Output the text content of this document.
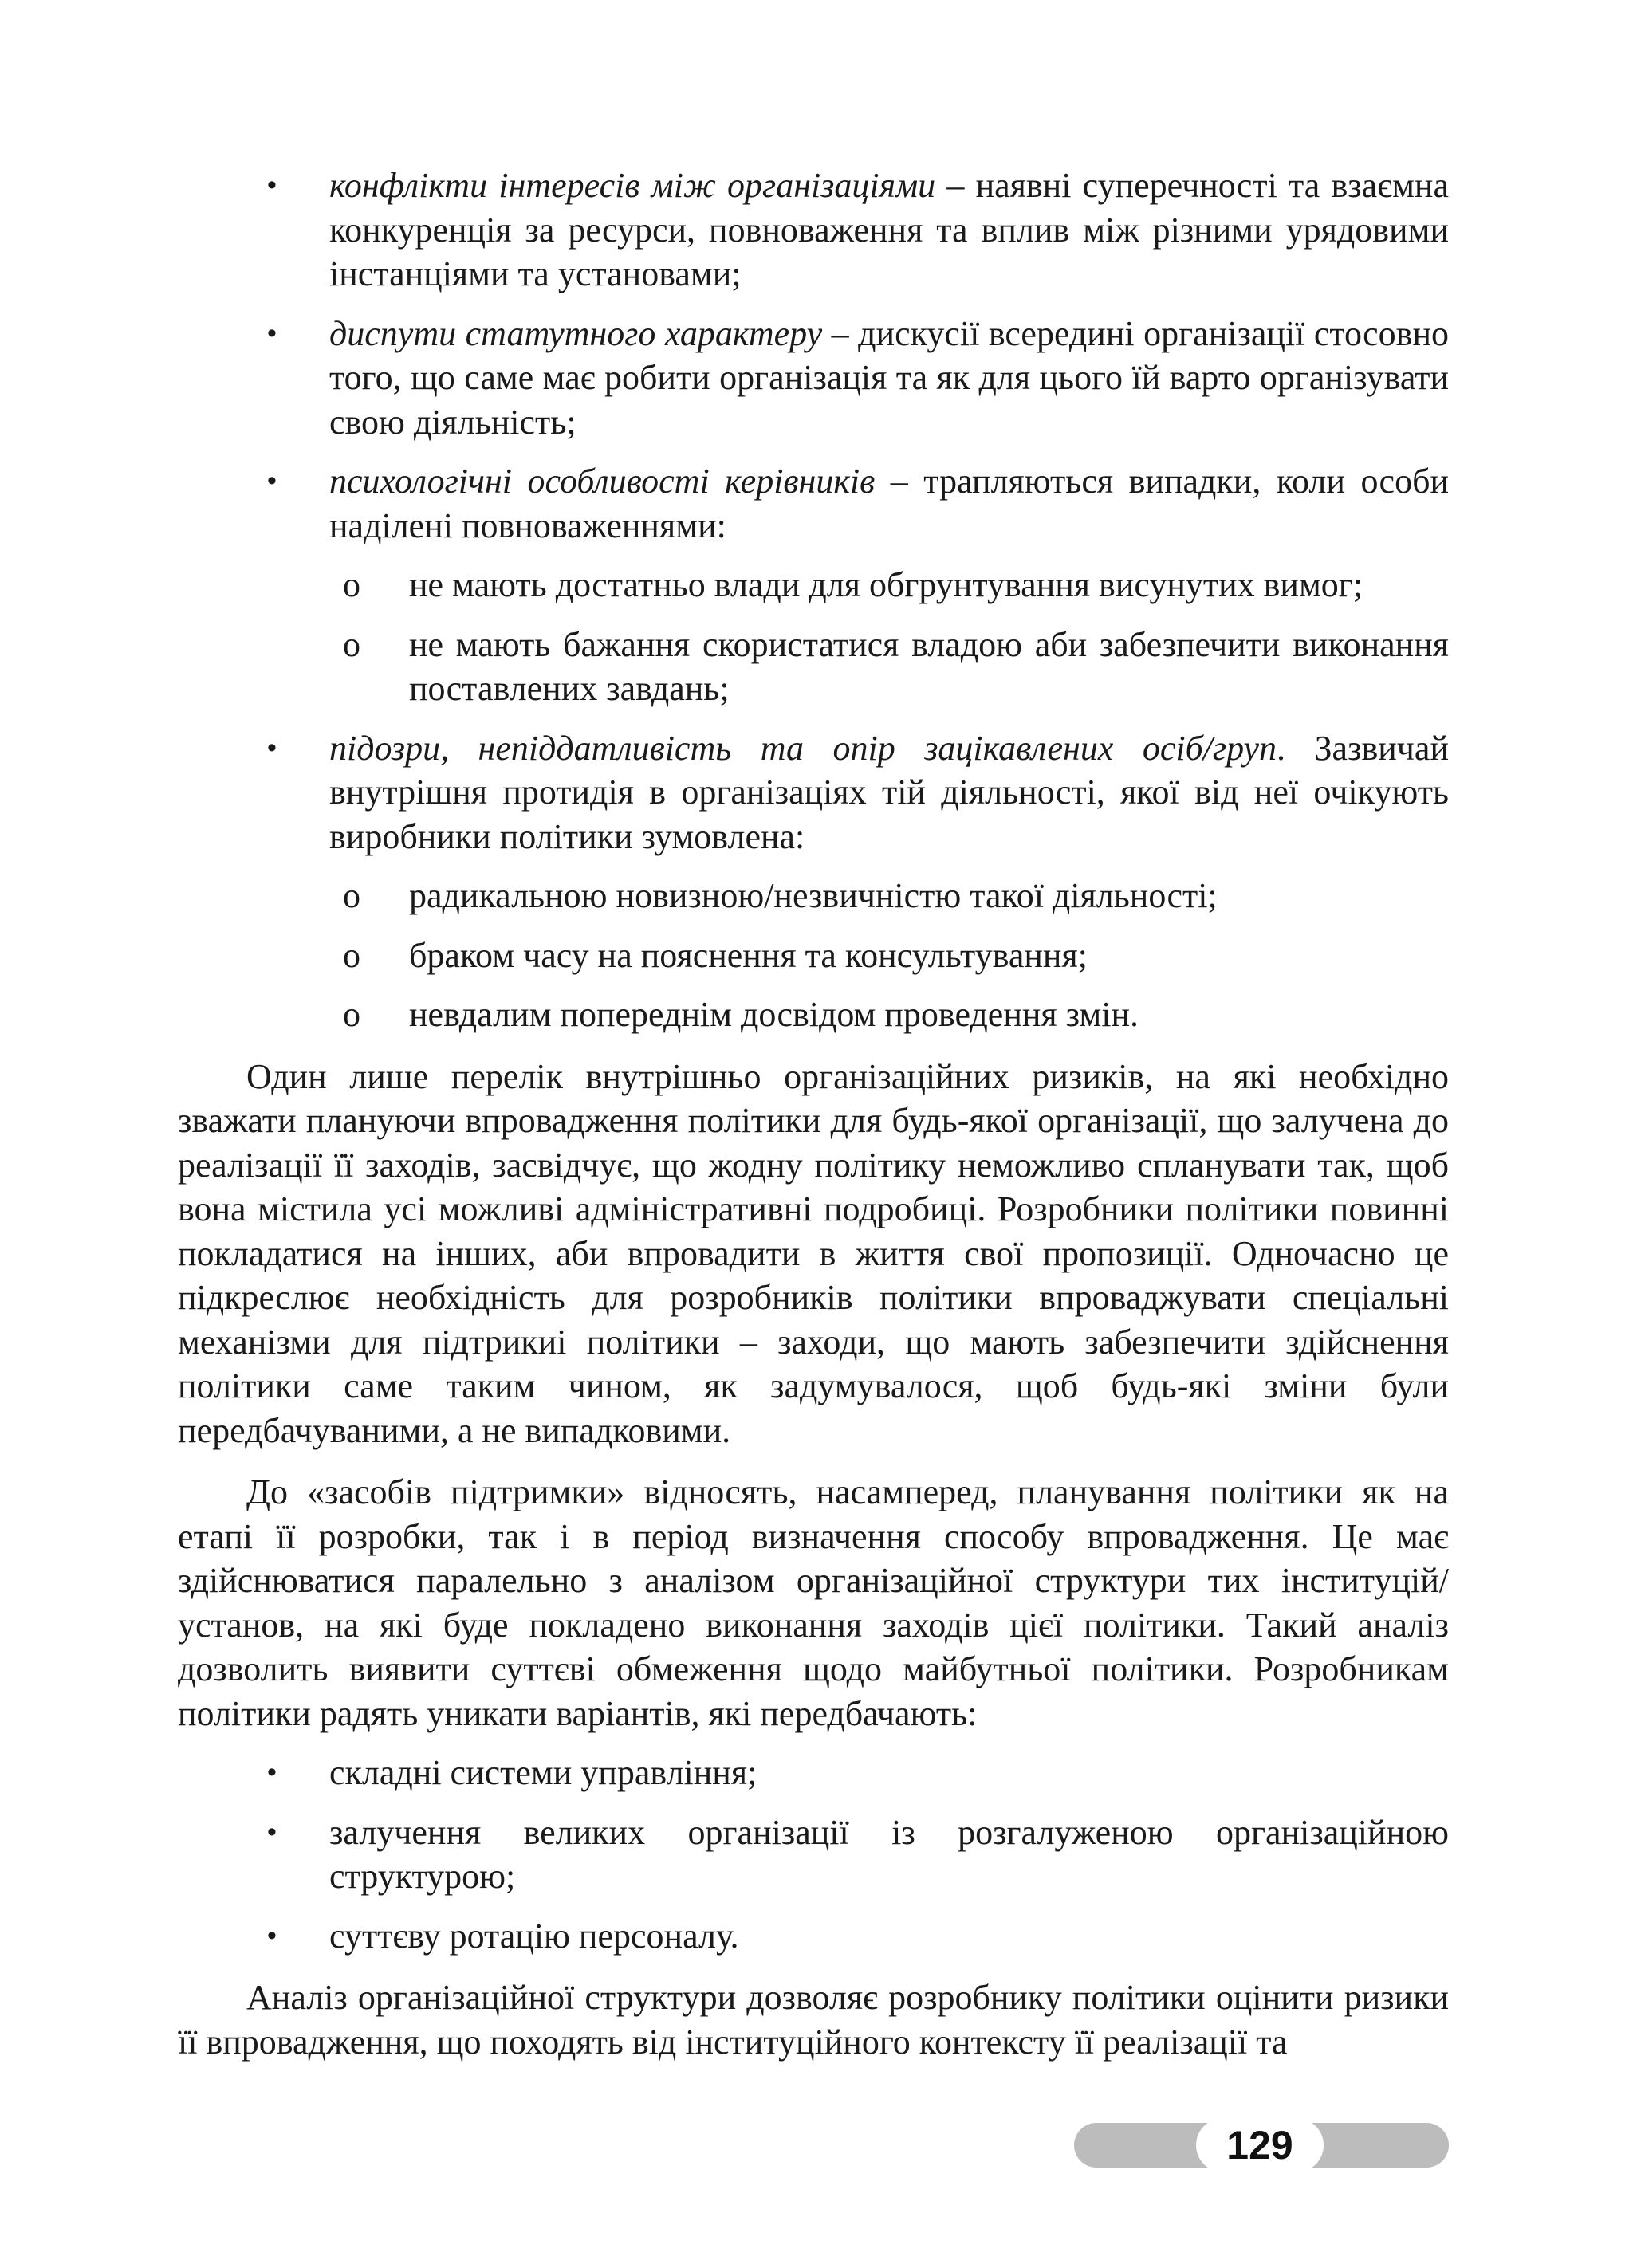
• конфлікти інтересів між організаціями – наявні суперечності та взаємна конкуренція за ресурси, повноваження та вплив між різними урядовими інстанціями та установами;
• диспути статутного характеру – дискусії всередині організації стосовно того, що саме має робити організація та як для цього їй варто організувати свою діяльність;
• психологічні особливості керівників – трапляються випадки, коли особи наділені повноваженнями:
o не мають достатньо влади для обгрунтування висунутих вимог;
o не мають бажання скористатися владою аби забезпечити виконання поставлених завдань;
• підозри, непіддатливість та опір зацікавлених осіб/груп. Зазвичай внутрішня протидія в організаціях тій діяльності, якої від неї очікують виробники політики зумовлена:
o радикальною новизною/незвичністю такої діяльності;
o браком часу на пояснення та консультування;
o невдалим попереднім досвідом проведення змін.

Один лише перелік внутрішньо організаційних ризиків, на які необхідно зважати плануючи впровадження політики для будь-якої організації, що залучена до реалізації її заходів, засвідчує, що жодну політику неможливо спланувати так, щоб вона містила усі можливі адміністративні подробиці. Розробники політики повинні покладатися на інших, аби впровадити в життя свої пропозиції. Одночасно це підкреслює необхідність для розробників політики впроваджувати спеціальні механізми для підтрикиі політики – заходи, що мають забезпечити здійснення політики саме таким чином, як задумувалося, щоб будь-які зміни були передбачуваними, а не випадковими.

До «засобів підтримки» відносять, насамперед, планування політики як на етапі її розробки, так і в період визначення способу впровадження. Це має здійснюватися паралельно з аналізом організаційної структури тих інституцій/ установ, на які буде покладено виконання заходів цієї політики. Такий аналіз дозволить виявити суттєві обмеження щодо майбутньої політики. Розробникам політики радять уникати варіантів, які передбачають:

• складні системи управління;
• залучення великих організації із розгалуженою організаційною структурою;
• суттєву ротацію персоналу.

Аналіз організаційної структури дозволяє розробнику політики оцінити ризики її впровадження, що походять від інституційного контексту її реалізації та

129
